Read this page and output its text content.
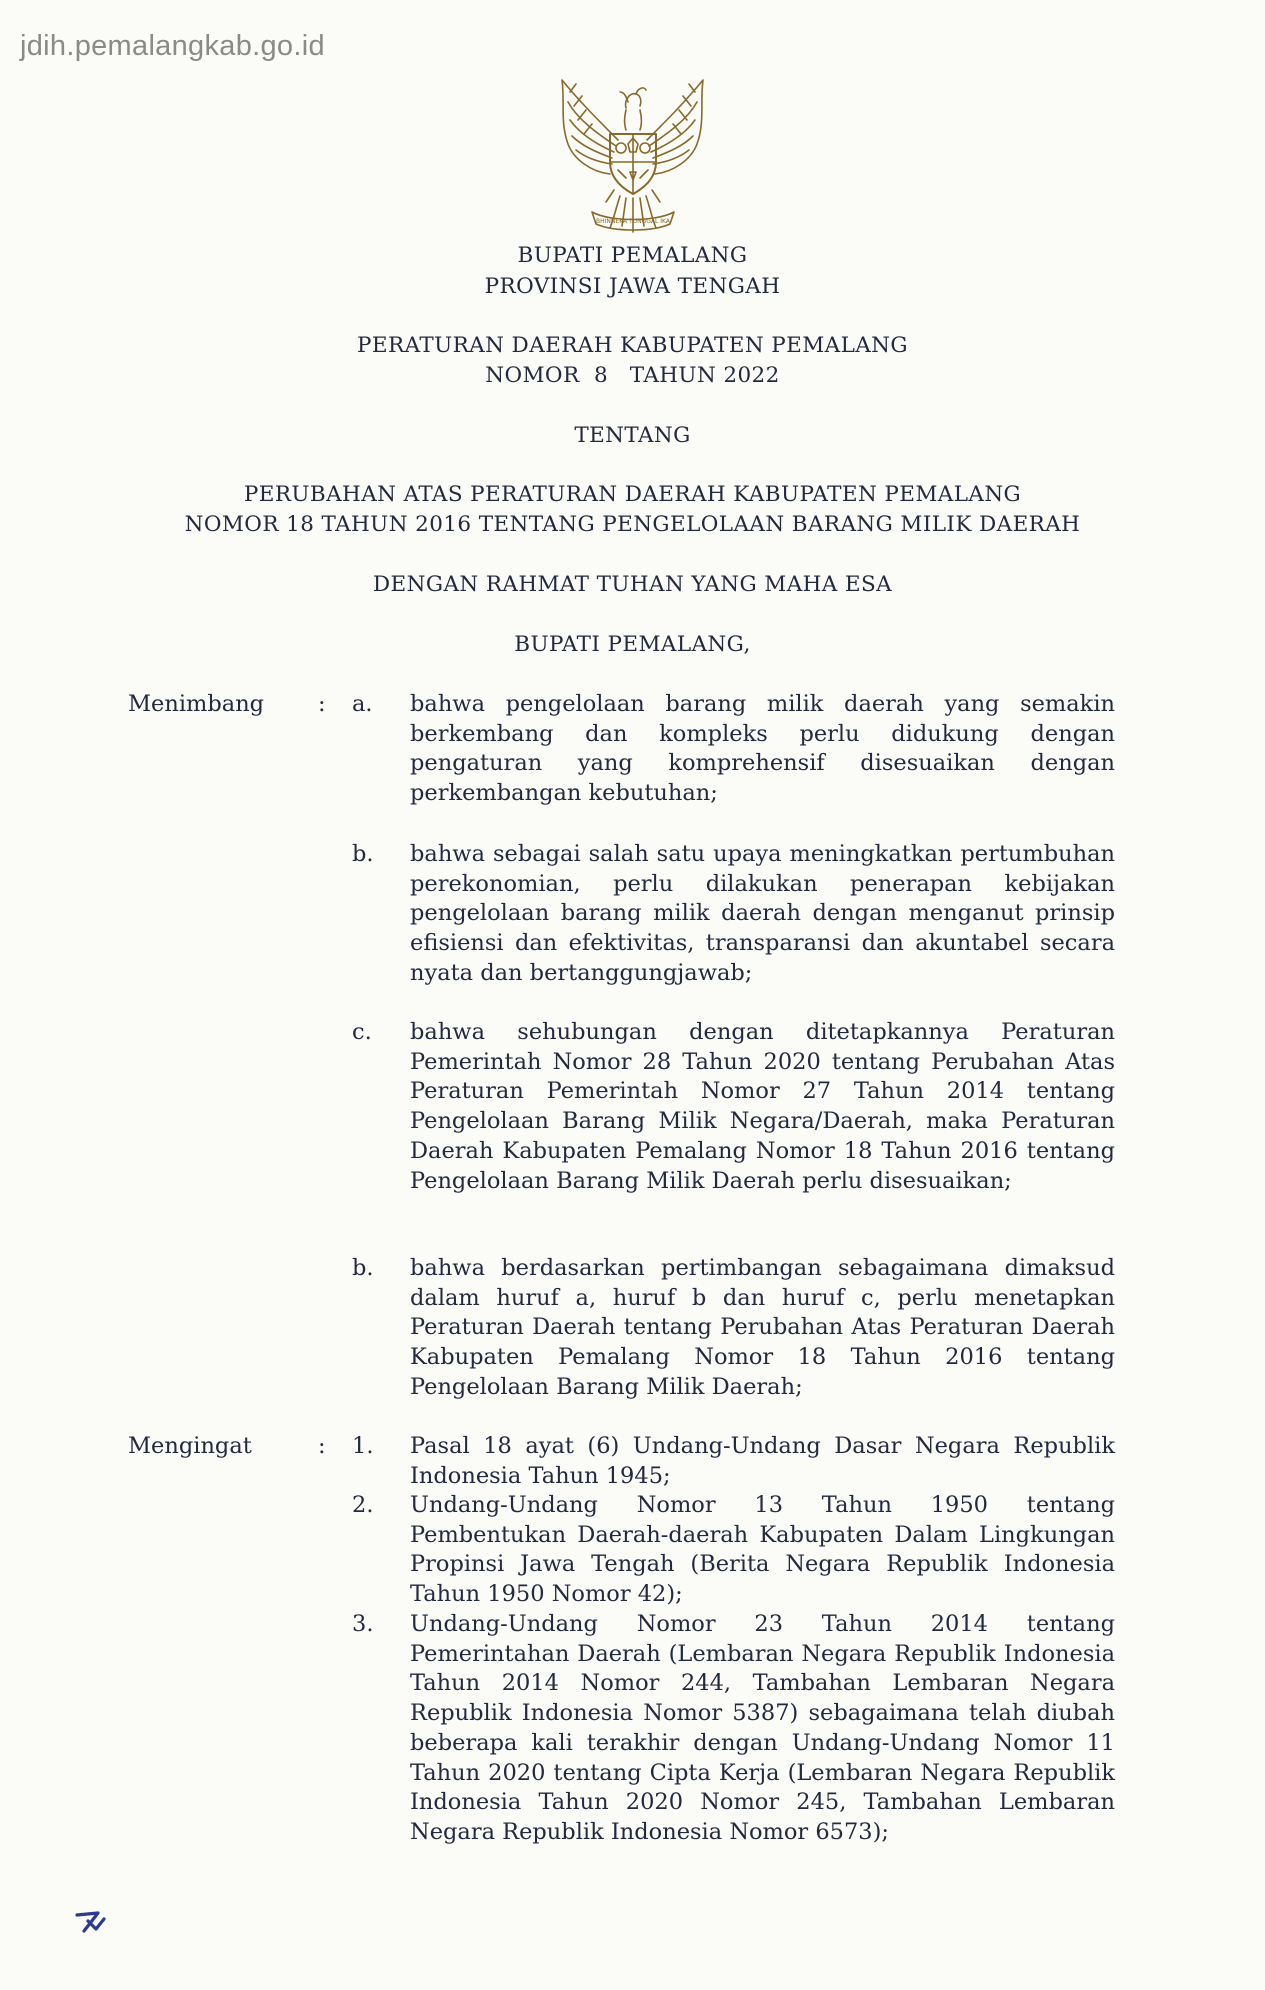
jdih.pemalangkab.go.id
BHINNEKA TUNGGAL IKA
BUPATI PEMALANG
PROVINSI JAWA TENGAH
PERATURAN DAERAH KABUPATEN PEMALANG
NOMOR  8   TAHUN 2022
TENTANG
PERUBAHAN ATAS PERATURAN DAERAH KABUPATEN PEMALANG
NOMOR 18 TAHUN 2016 TENTANG PENGELOLAAN BARANG MILIK DAERAH
DENGAN RAHMAT TUHAN YANG MAHA ESA
BUPATI PEMALANG,
Menimbang : a. bahwa pengelolaan barang milik daerah yang semakin berkembang dan kompleks perlu didukung dengan pengaturan yang komprehensif disesuaikan dengan perkembangan kebutuhan;
b. bahwa sebagai salah satu upaya meningkatkan pertumbuhan perekonomian, perlu dilakukan penerapan kebijakan pengelolaan barang milik daerah dengan menganut prinsip efisiensi dan efektivitas, transparansi dan akuntabel secara nyata dan bertanggungjawab;
c. bahwa sehubungan dengan ditetapkannya Peraturan Pemerintah Nomor 28 Tahun 2020 tentang Perubahan Atas Peraturan Pemerintah Nomor 27 Tahun 2014 tentang Pengelolaan Barang Milik Negara/Daerah, maka Peraturan Daerah Kabupaten Pemalang Nomor 18 Tahun 2016 tentang Pengelolaan Barang Milik Daerah perlu disesuaikan;
b. bahwa berdasarkan pertimbangan sebagaimana dimaksud dalam huruf a, huruf b dan huruf c, perlu menetapkan Peraturan Daerah tentang Perubahan Atas Peraturan Daerah Kabupaten Pemalang Nomor 18 Tahun 2016 tentang Pengelolaan Barang Milik Daerah;
Mengingat	: 1. Pasal 18 ayat (6) Undang-Undang Dasar Negara Republik Indonesia Tahun 1945;
2. Undang-Undang Nomor 13 Tahun 1950 tentang Pembentukan Daerah-daerah Kabupaten Dalam Lingkungan Propinsi Jawa Tengah (Berita Negara Republik Indonesia Tahun 1950 Nomor 42);
3. Undang-Undang Nomor 23 Tahun 2014 tentang Pemerintahan Daerah (Lembaran Negara Republik Indonesia Tahun 2014 Nomor 244, Tambahan Lembaran Negara Republik Indonesia Nomor 5387) sebagaimana telah diubah beberapa kali terakhir dengan Undang-Undang Nomor 11 Tahun 2020 tentang Cipta Kerja (Lembaran Negara Republik Indonesia Tahun 2020 Nomor 245, Tambahan Lembaran Negara Republik Indonesia Nomor 6573);
